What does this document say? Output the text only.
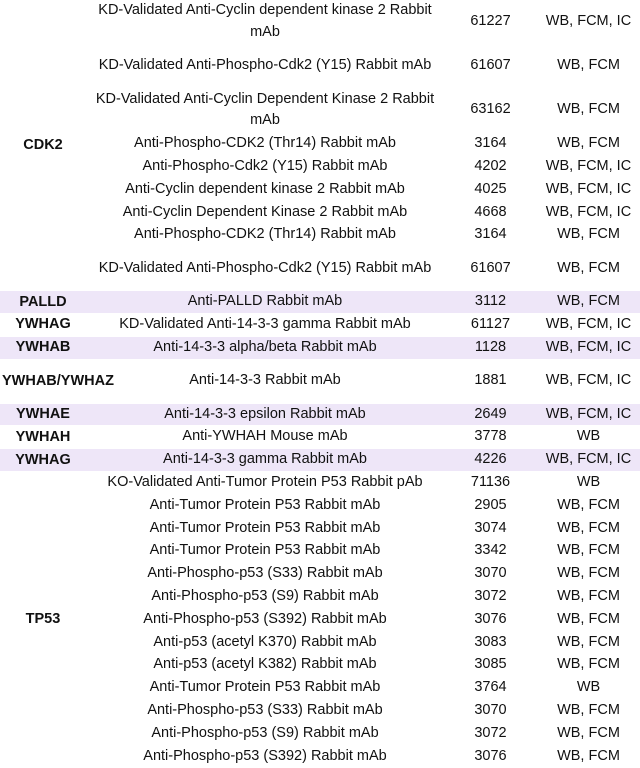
CDK2	KD-Validated Anti-Cyclin dependent kinase 2 Rabbit mAb	61227	WB, FCM, IC
	KD-Validated Anti-Phospho-Cdk2 (Y15) Rabbit mAb	61607	WB, FCM
	KD-Validated Anti-Cyclin Dependent Kinase 2 Rabbit mAb	63162	WB, FCM
	Anti-Phospho-CDK2 (Thr14) Rabbit mAb	3164	WB, FCM
	Anti-Phospho-Cdk2 (Y15) Rabbit mAb	4202	WB, FCM, IC
	Anti-Cyclin dependent kinase 2 Rabbit mAb	4025	WB, FCM, IC
	Anti-Cyclin Dependent Kinase 2 Rabbit mAb	4668	WB, FCM, IC
	Anti-Phospho-CDK2 (Thr14) Rabbit mAb	3164	WB, FCM
	KD-Validated Anti-Phospho-Cdk2 (Y15) Rabbit mAb	61607	WB, FCM
PALLD	Anti-PALLD Rabbit mAb	3112	WB, FCM
YWHAG	KD-Validated Anti-14-3-3 gamma Rabbit mAb	61127	WB, FCM, IC
YWHAB	Anti-14-3-3 alpha/beta Rabbit mAb	1128	WB, FCM, IC
YWHAB/YWHAZ	Anti-14-3-3 Rabbit mAb	1881	WB, FCM, IC
YWHAE	Anti-14-3-3 epsilon Rabbit mAb	2649	WB, FCM, IC
YWHAH	Anti-YWHAH Mouse mAb	3778	WB
YWHAG	Anti-14-3-3 gamma Rabbit mAb	4226	WB, FCM, IC
TP53	KO-Validated Anti-Tumor Protein P53 Rabbit pAb	71136	WB
	Anti-Tumor Protein P53 Rabbit mAb	2905	WB, FCM
	Anti-Tumor Protein P53 Rabbit mAb	3074	WB, FCM
	Anti-Tumor Protein P53 Rabbit mAb	3342	WB, FCM
	Anti-Phospho-p53 (S33) Rabbit mAb	3070	WB, FCM
	Anti-Phospho-p53 (S9) Rabbit mAb	3072	WB, FCM
	Anti-Phospho-p53 (S392) Rabbit mAb	3076	WB, FCM
	Anti-p53 (acetyl K370) Rabbit mAb	3083	WB, FCM
	Anti-p53 (acetyl K382) Rabbit mAb	3085	WB, FCM
	Anti-Tumor Protein P53 Rabbit mAb	3764	WB
	Anti-Phospho-p53 (S33) Rabbit mAb	3070	WB, FCM
	Anti-Phospho-p53 (S9) Rabbit mAb	3072	WB, FCM
	Anti-Phospho-p53 (S392) Rabbit mAb	3076	WB, FCM
